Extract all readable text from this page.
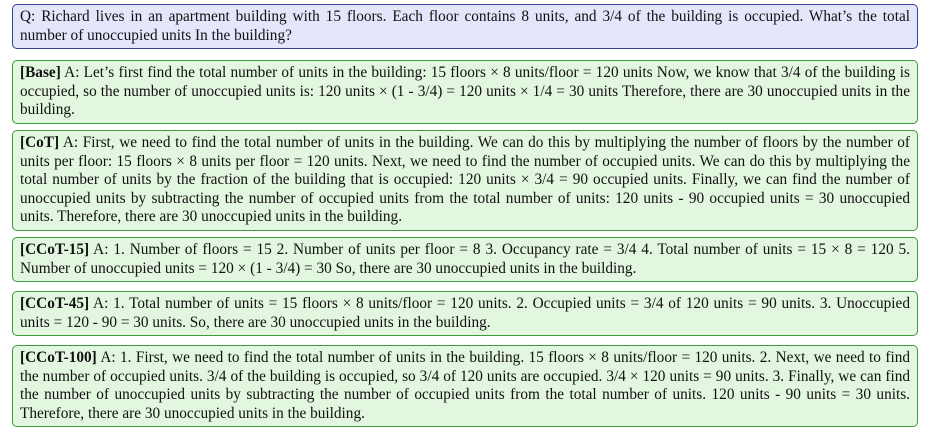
Q: Richard lives in an apartment building with 15 floors. Each floor contains 8 units, and 3/4 of the building is occupied. What’s the total number of unoccupied units In the building?
[Base] A: Let’s first find the total number of units in the building: 15 floors × 8 units/floor = 120 units Now, we know that 3/4 of the building is occupied, so the number of unoccupied units is: 120 units × (1 - 3/4) = 120 units × 1/4 = 30 units Therefore, there are 30 unoccupied units in the building.
[CoT] A: First, we need to find the total number of units in the building. We can do this by multiplying the number of floors by the number of units per floor: 15 floors × 8 units per floor = 120 units. Next, we need to find the number of occupied units. We can do this by multiplying the total number of units by the fraction of the building that is occupied: 120 units × 3/4 = 90 occupied units. Finally, we can find the number of unoccupied units by subtracting the number of occupied units from the total number of units: 120 units - 90 occupied units = 30 unoccupied units. Therefore, there are 30 unoccupied units in the building.
[CCoT-15] A: 1. Number of floors = 15 2. Number of units per floor = 8 3. Occupancy rate = 3/4 4. Total number of units = 15 × 8 = 120 5. Number of unoccupied units = 120 × (1 - 3/4) = 30 So, there are 30 unoccupied units in the building.
[CCoT-45] A: 1. Total number of units = 15 floors × 8 units/floor = 120 units. 2. Occupied units = 3/4 of 120 units = 90 units. 3. Unoccupied units = 120 - 90 = 30 units. So, there are 30 unoccupied units in the building.
[CCoT-100] A: 1. First, we need to find the total number of units in the building. 15 floors × 8 units/floor = 120 units. 2. Next, we need to find the number of occupied units. 3/4 of the building is occupied, so 3/4 of 120 units are occupied. 3/4 × 120 units = 90 units. 3. Finally, we can find the number of unoccupied units by subtracting the number of occupied units from the total number of units. 120 units - 90 units = 30 units. Therefore, there are 30 unoccupied units in the building.
